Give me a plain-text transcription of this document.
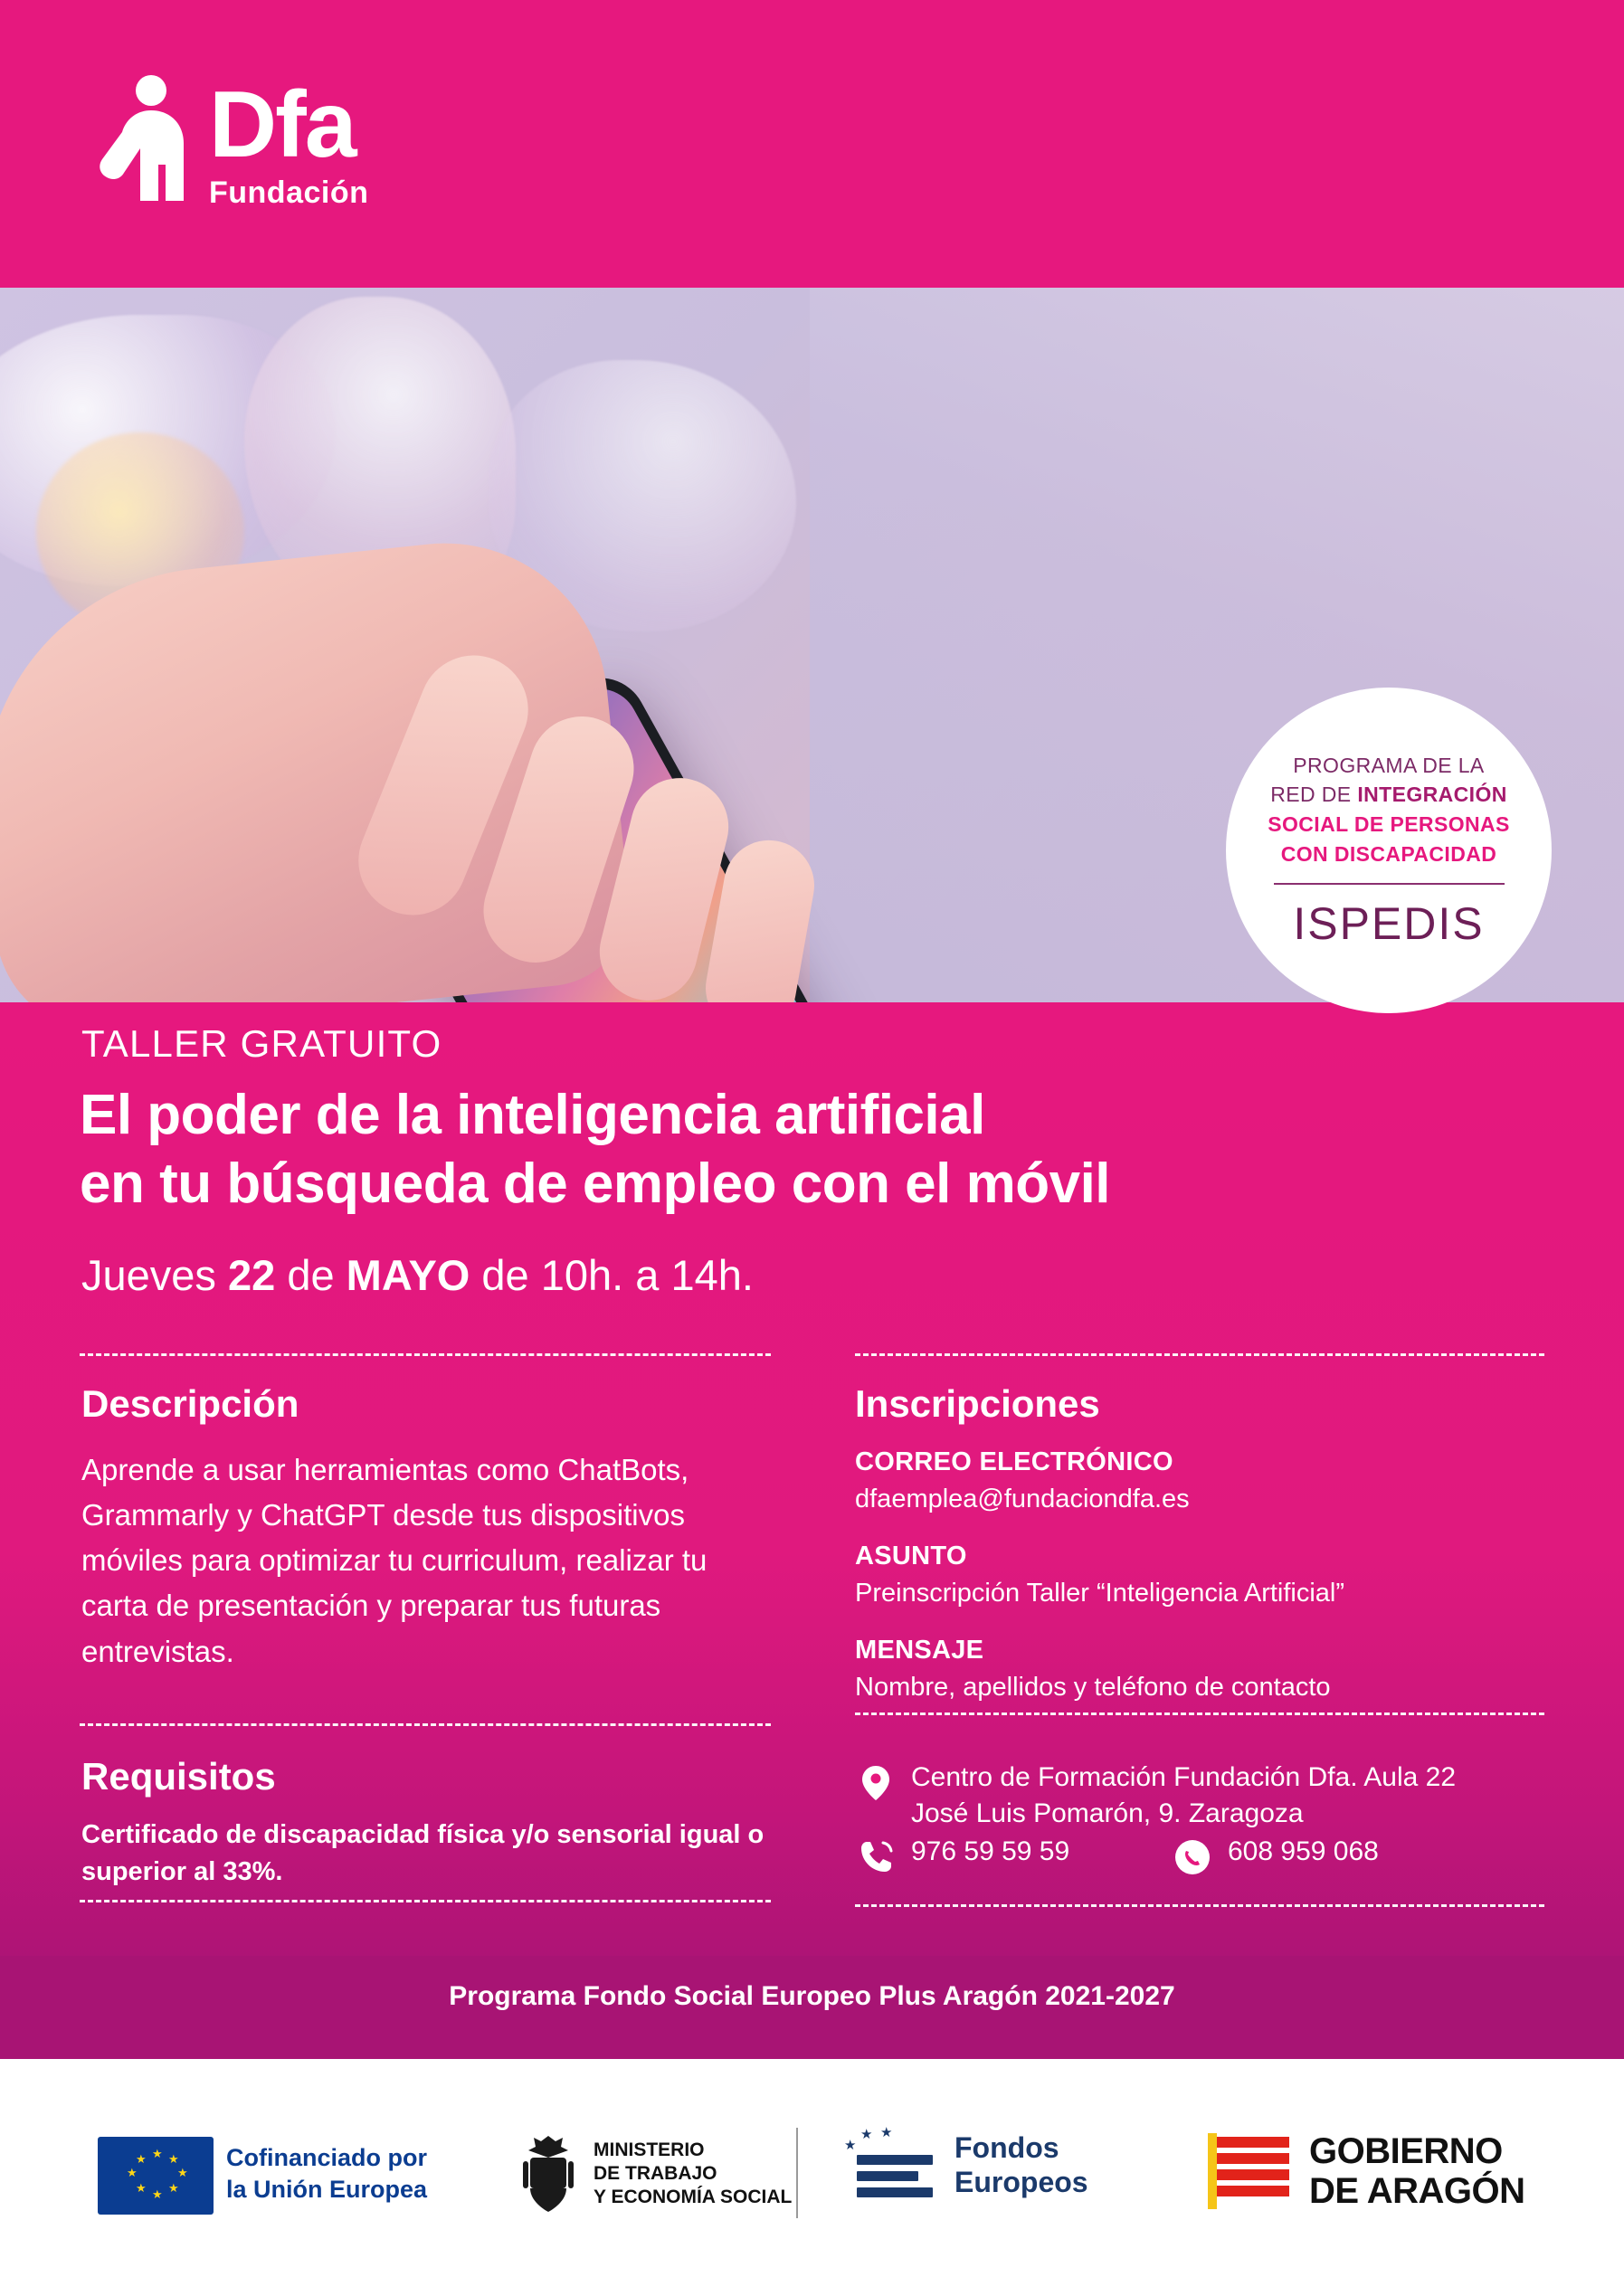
Dfa
Fundación
PROGRAMA DE LA
RED DE INTEGRACIÓN
SOCIAL DE PERSONAS
CON DISCAPACIDAD
ISPEDIS
TALLER GRATUITO
El poder de la inteligencia artificial
en tu búsqueda de empleo con el móvil
Jueves 22 de MAYO de 10h. a 14h.
Descripción
Aprende a usar herramientas como ChatBots, Grammarly y ChatGPT desde tus dispositivos móviles para optimizar tu curriculum, realizar tu carta de presentación y preparar tus futuras entrevistas.
Requisitos
Certificado de discapacidad física y/o sensorial igual o superior al 33%.
Inscripciones
CORREO ELECTRÓNICO
dfaemplea@fundaciondfa.es
ASUNTO
Preinscripción Taller “Inteligencia Artificial”
MENSAJE
Nombre, apellidos y teléfono de contacto
Centro de Formación Fundación Dfa. Aula 22
José Luis Pomarón, 9. Zaragoza
976 59 59 59	608 959 068
Programa Fondo Social Europeo Plus Aragón 2021-2027
★ ★
★
★
★
★
★
★	Cofinanciado por
la Unión Europea
MINISTERIO
DE TRABAJO
Y ECONOMÍA SOCIAL
★ ★
★	Fondos
Europeos
GOBIERNO
DE ARAGÓN
